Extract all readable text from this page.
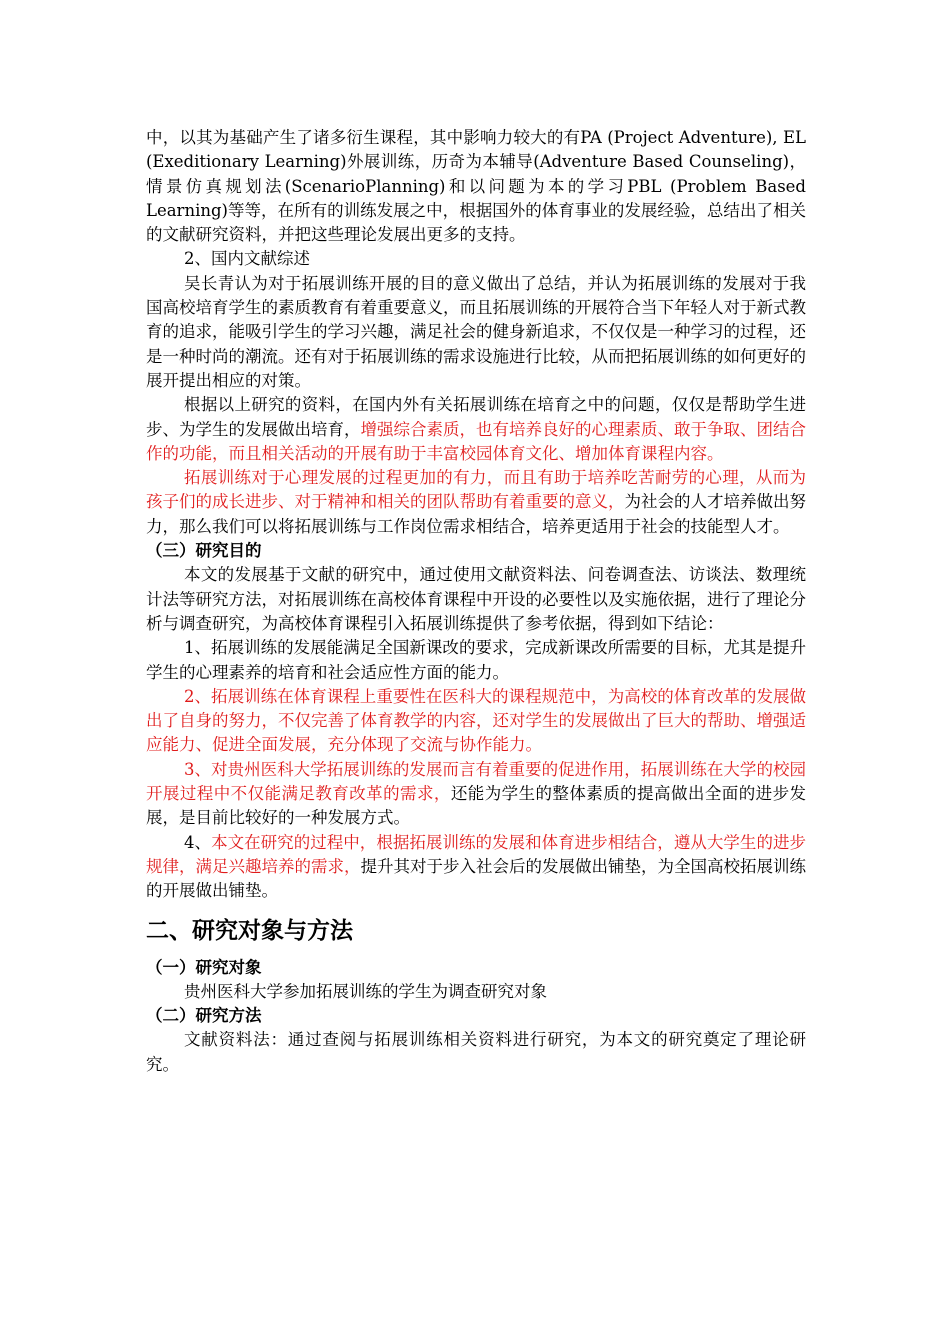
中，以其为基础产生了诸多衍生课程，其中影响力较大的有PA (Project Adventure), EL (Exeditionary Learning)外展训练，历奇为本辅导(Adventure Based Counseling)，情景仿真规划法(ScenarioPlanning)和以问题为本的学习PBL (Problem Based Learning)等等，在所有的训练发展之中，根据国外的体育事业的发展经验，总结出了相关的文献研究资料，并把这些理论发展出更多的支持。

2、国内文献综述

吴长青认为对于拓展训练开展的目的意义做出了总结，并认为拓展训练的发展对于我国高校培育学生的素质教育有着重要意义，而且拓展训练的开展符合当下年轻人对于新式教育的追求，能吸引学生的学习兴趣，满足社会的健身新追求，不仅仅是一种学习的过程，还是一种时尚的潮流。还有对于拓展训练的需求设施进行比较，从而把拓展训练的如何更好的展开提出相应的对策。

根据以上研究的资料，在国内外有关拓展训练在培育之中的问题，仅仅是帮助学生进步、为学生的发展做出培育，增强综合素质，也有培养良好的心理素质、敢于争取、团结合作的功能，而且相关活动的开展有助于丰富校园体育文化、增加体育课程内容。

拓展训练对于心理发展的过程更加的有力，而且有助于培养吃苦耐劳的心理，从而为孩子们的成长进步、对于精神和相关的团队帮助有着重要的意义，为社会的人才培养做出努力，那么我们可以将拓展训练与工作岗位需求相结合，培养更适用于社会的技能型人才。

（三）研究目的

本文的发展基于文献的研究中，通过使用文献资料法、问卷调查法、访谈法、数理统计法等研究方法，对拓展训练在高校体育课程中开设的必要性以及实施依据，进行了理论分析与调查研究，为高校体育课程引入拓展训练提供了参考依据，得到如下结论：

1、拓展训练的发展能满足全国新课改的要求，完成新课改所需要的目标，尤其是提升学生的心理素养的培育和社会适应性方面的能力。

2、拓展训练在体育课程上重要性在医科大的课程规范中，为高校的体育改革的发展做出了自身的努力，不仅完善了体育教学的内容，还对学生的发展做出了巨大的帮助、增强适应能力、促进全面发展，充分体现了交流与协作能力。

3、对贵州医科大学拓展训练的发展而言有着重要的促进作用，拓展训练在大学的校园开展过程中不仅能满足教育改革的需求，还能为学生的整体素质的提高做出全面的进步发展，是目前比较好的一种发展方式。

4、本文在研究的过程中，根据拓展训练的发展和体育进步相结合，遵从大学生的进步规律，满足兴趣培养的需求，提升其对于步入社会后的发展做出铺垫，为全国高校拓展训练的开展做出铺垫。

二、研究对象与方法
（一）研究对象

贵州医科大学参加拓展训练的学生为调查研究对象

（二）研究方法

文献资料法：通过查阅与拓展训练相关资料进行研究，为本文的研究奠定了理论研究。
